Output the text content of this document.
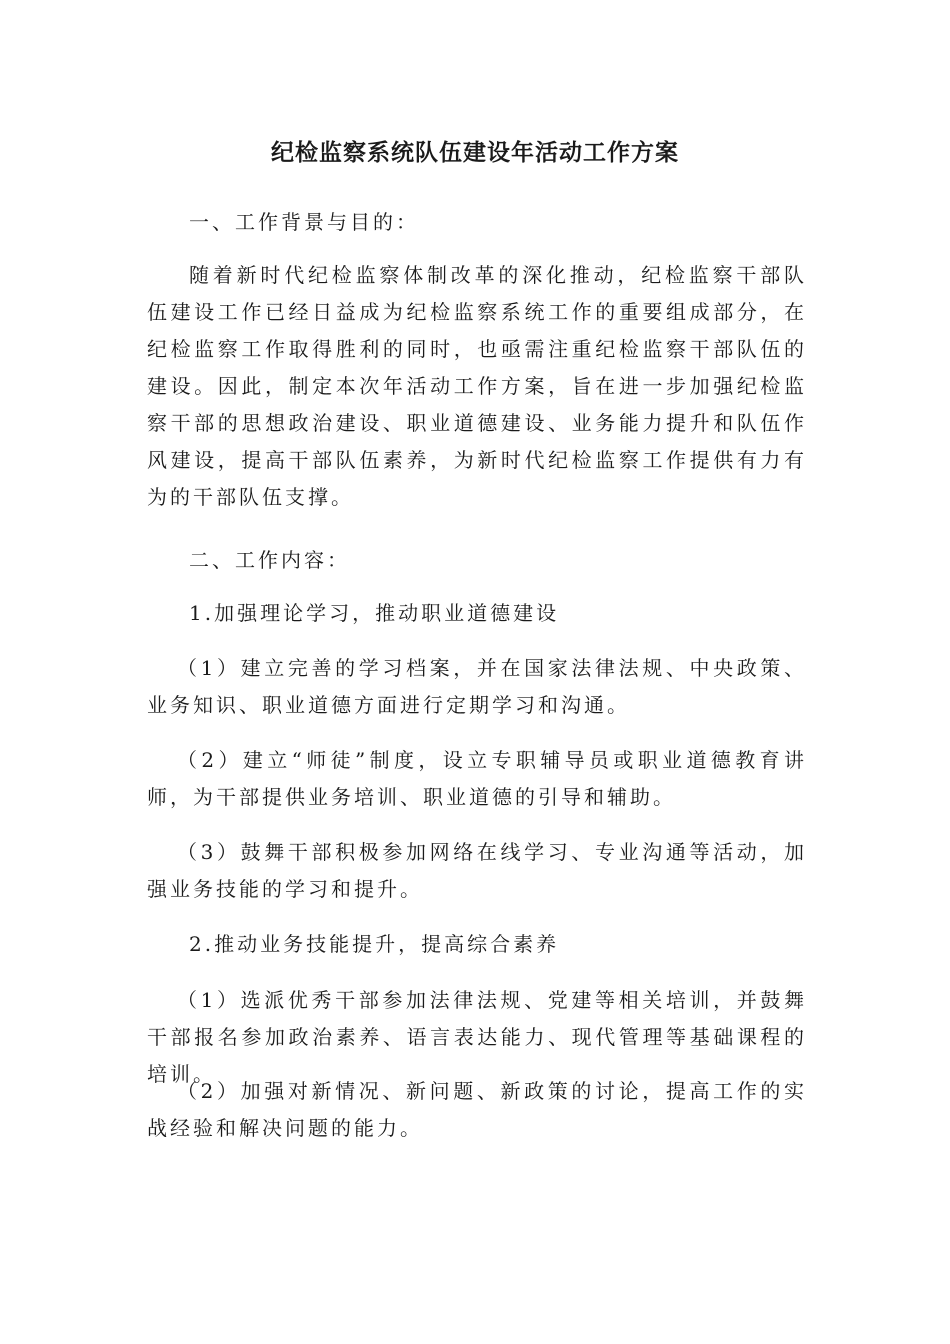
纪检监察系统队伍建设年活动工作方案

一、工作背景与目的：

随着新时代纪检监察体制改革的深化推动，纪检监察干部队伍建设工作已经日益成为纪检监察系统工作的重要组成部分，在纪检监察工作取得胜利的同时，也亟需注重纪检监察干部队伍的建设。因此，制定本次年活动工作方案，旨在进一步加强纪检监察干部的思想政治建设、职业道德建设、业务能力提升和队伍作风建设，提高干部队伍素养，为新时代纪检监察工作提供有力有为的干部队伍支撑。

二、工作内容：

1.加强理论学习，推动职业道德建设

（1）建立完善的学习档案，并在国家法律法规、中央政策、业务知识、职业道德方面进行定期学习和沟通。

（2）建立“师徒”制度，设立专职辅导员或职业道德教育讲师，为干部提供业务培训、职业道德的引导和辅助。

（3）鼓舞干部积极参加网络在线学习、专业沟通等活动，加强业务技能的学习和提升。

2.推动业务技能提升，提高综合素养

（1）选派优秀干部参加法律法规、党建等相关培训，并鼓舞干部报名参加政治素养、语言表达能力、现代管理等基础课程的培训。

（2）加强对新情况、新问题、新政策的讨论，提高工作的实战经验和解决问题的能力。
